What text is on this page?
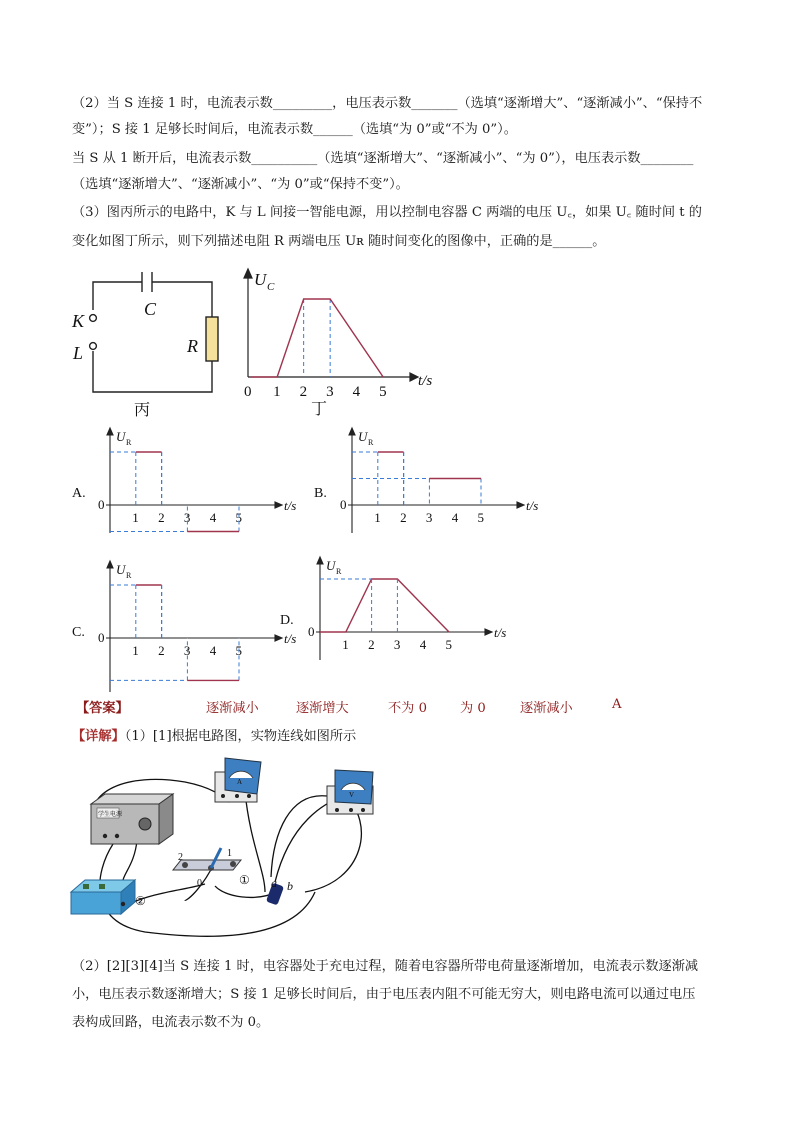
（2）当 S 连接 1 时，电流表示数_________，电压表示数_______（选填“逐渐增大”、“逐渐减小”、“保持不
变”）；S 接 1 足够长时间后，电流表示数______（选填“为 0”或“不为 0”）。
当 S 从 1 断开后，电流表示数__________（选填“逐渐增大”、“逐渐减小”、“为 0”），电压表示数________
（选填“逐渐增大”、“逐渐减小”、“为 0”或“保持不变”）。
（3）图丙所示的电路中，K 与 L 间接一智能电源，用以控制电容器 C 两端的电压 U꜀，如果 U꜀ 随时间 t 的
变化如图丁所示，则下列描述电阻 R 两端电压 Uʀ 随时间变化的图像中，正确的是______。
C
K
L	R
丙
U C
t/s
0 1 2 3 4 5
丁
A.
U R
t/s
0
1 2 3 4 5
B.
U R
t/s
0
1 2 3 4 5
C.
U R
t/s
0
1 2 3 4 5
D.
U R
t/s
0
1 2 3 4 5
【答案】	逐渐减小	逐渐增大	不为 0	为 0	逐渐减小	A
【详解】（1）[1]根据电路图，实物连线如图所示
学生电源
②
2	1
0	①
A
V
a b
（2）[2][3][4]当 S 连接 1 时，电容器处于充电过程，随着电容器所带电荷量逐渐增加，电流表示数逐渐减
小，电压表示数逐渐增大；S 接 1 足够长时间后，由于电压表内阻不可能无穷大，则电路电流可以通过电压
表构成回路，电流表示数不为 0。
